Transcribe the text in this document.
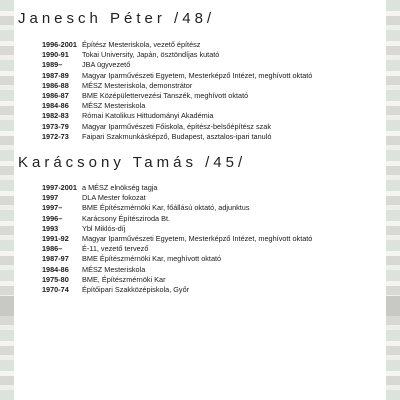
Janesch Péter /48/
1996-2001 Építész Mesteriskola, vezető építész
1990-91	Tokai University, Japán, ösztöndíjas kutató
1989–	JBA ügyvezető
1987-89	Magyar Iparművészeti Egyetem, Mesterképző Intézet, meghívott oktató
1986-88	MÉSZ Mesteriskola, demonstrátor
1986-87	BME Középülettervezési Tanszék, meghívott oktató
1984-86	MÉSZ Mesteriskola
1982-83	Római Katolikus Hittudományi Akadémia
1973-79	Magyar Iparművészeti Főiskola, építész-belsőépítész szak
1972-73	Faipari Szakmunkásképző, Budapest, asztalos-ipari tanuló
Karácsony Tamás /45/
1997-2001 a MÉSZ elnökség tagja
1997	DLA Mester fokozat
1997–	BME Építészmérnöki Kar, főállású oktató, adjunktus
1996–	Karácsony Építésziroda Bt.
1993	Ybl Miklós-díj
1991-92	Magyar Iparművészeti Egyetem, Mesterképző Intézet, meghívott oktató
1986–	É-11, vezető tervező
1987-97	BME Építészmérnöki Kar, meghívott oktató
1984-86	MÉSZ Mesteriskola
1975-80	BME, Építészmérnöki Kar
1970-74	Építőipari Szakközépiskola, Győr
